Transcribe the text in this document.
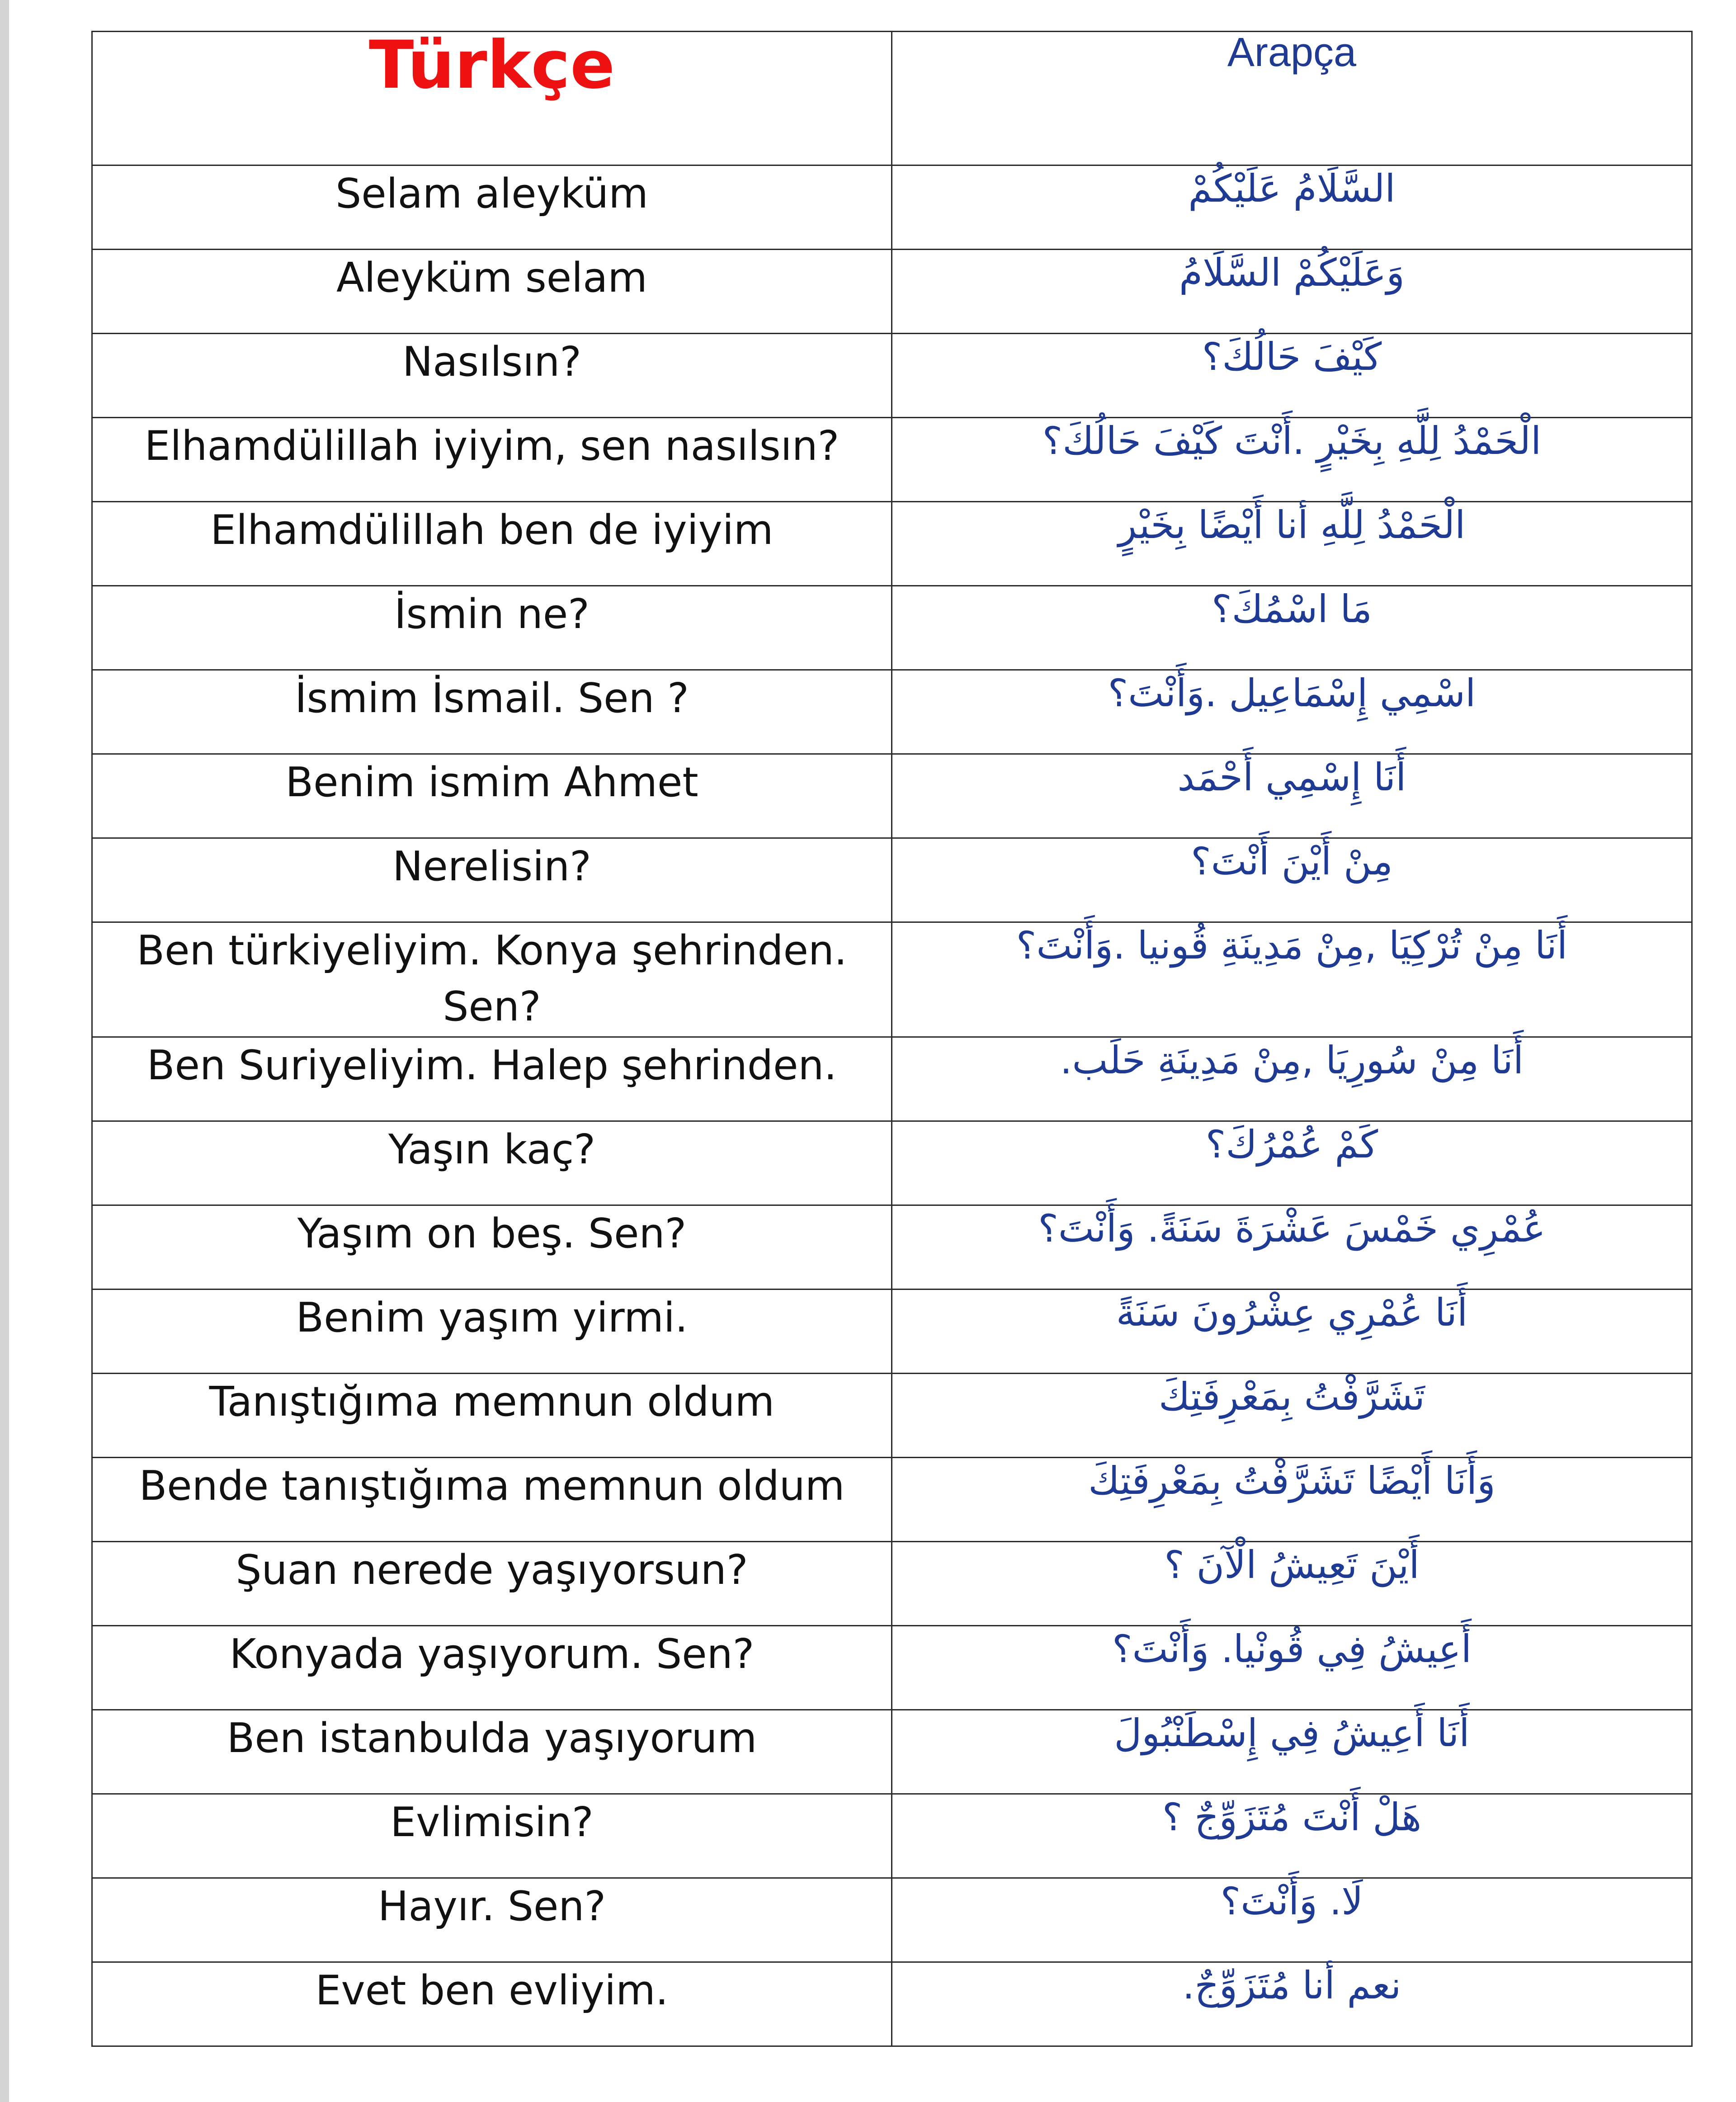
Türkçe	Arapça
Selam aleyküm	السَّلَامُ عَلَيْكُمْ
Aleyküm selam	وَعَلَيْكُمْ السَّلَامُ
Nasılsın?	كَيْفَ حَالُكَ؟
Elhamdülillah iyiyim, sen nasılsın?	الْحَمْدُ لِلَّهِ بِخَيْرٍ .أَنْتَ كَيْفَ حَالُكَ؟
Elhamdülillah ben de iyiyim	الْحَمْدُ لِلَّهِ أنا أَيْضًا بِخَيْرٍ
İsmin ne?	مَا اسْمُكَ؟
İsmim İsmail. Sen ?	اسْمِي إِسْمَاعِيل .وَأَنْتَ؟
Benim ismim Ahmet	أَنَا إِسْمِي أَحْمَد
Nerelisin?	مِنْ أَيْنَ أَنْتَ؟
Ben türkiyeliyim. Konya şehrinden. Sen?	أَنَا مِنْ تُرْكِيَا ,مِنْ مَدِينَةِ قُونيا .وَأَنْتَ؟
Ben Suriyeliyim. Halep şehrinden.	أَنَا مِنْ سُورِيَا ,مِنْ مَدِينَةِ حَلَب.
Yaşın kaç?	كَمْ عُمْرُكَ؟
Yaşım on beş. Sen?	عُمْرِي خَمْسَ عَشْرَةَ سَنَةً. وَأَنْتَ؟
Benim yaşım yirmi.	أَنَا عُمْرِي عِشْرُونَ سَنَةً
Tanıştığıma memnun oldum	تَشَرَّفْتُ بِمَعْرِفَتِكَ
Bende tanıştığıma memnun oldum	وَأَنَا أَيْضًا تَشَرَّفْتُ بِمَعْرِفَتِكَ
Şuan nerede yaşıyorsun?	أَيْنَ تَعِيشُ الْآنَ ؟
Konyada yaşıyorum. Sen?	أَعِيشُ فِي قُونْيا. وَأَنْتَ؟
Ben istanbulda yaşıyorum	أَنَا أَعِيشُ فِي إِسْطَنْبُولَ
Evlimisin?	هَلْ أَنْتَ مُتَزَوِّجٌ ؟
Hayır. Sen?	لَا. وَأَنْتَ؟
Evet ben evliyim.	نعم أنا مُتَزَوِّجٌ.
